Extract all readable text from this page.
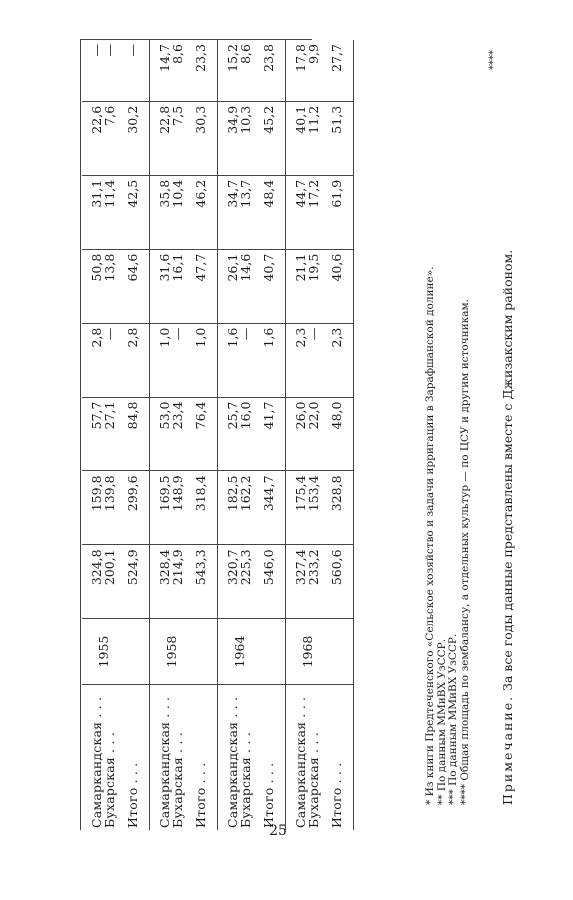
Самаркандская . . .	1955	324,8	159,8	57,7	2,8	50,8	31,1	22,6	—
Бухарская . . .		200,1	139,8	27,1	—	13,8	11,4	7,6	—
Итого . . .		524,9	299,6	84,8	2,8	64,6	42,5	30,2	—
Самаркандская . . .	1958	328,4	169,5	53,0	1,0	31,6	35,8	22,8	14,7
Бухарская . . .		214,9	148,9	23,4	—	16,1	10,4	7,5	8,6
Итого . . .		543,3	318,4	76,4	1,0	47,7	46,2	30,3	23,3
Самаркандская . . .	1964	320,7	182,5	25,7	1,6	26,1	34,7	34,9	15,2
Бухарская . . .		225,3	162,2	16,0	—	14,6	13,7	10,3	8,6
Итого . . .		546,0	344,7	41,7	1,6	40,7	48,4	45,2	23,8
Самаркандская . . .	1968	327,4	175,4	26,0	2,3	21,1	44,7	40,1	17,8
Бухарская . . .		233,2	153,4	22,0	—	19,5	17,2	11,2	9,9
Итого . . .		560,6	328,8	48,0	2,3	40,6	61,9	51,3	27,7	****
25
* Из книги Предтеченского «Сельское хозяйство и задачи ирригации в Зарафшанской долине». ** По данным ММиВХ УзССР. *** По данным ММиВХ УзССР. **** Общая площадь по зембалансу, а отдельных культур — по ЦСУ и другим источникам. Примечание. За все годы данные представлены вместе с Джизакским районом.
